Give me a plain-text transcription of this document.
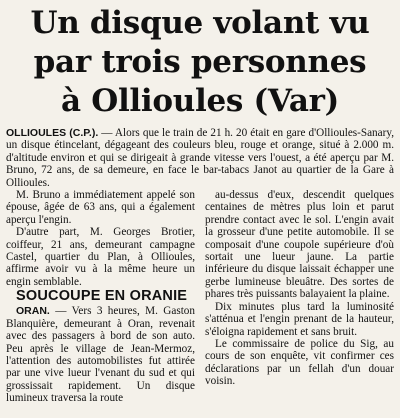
Un disque volant vu
par trois personnes
à Ollioules (Var)

OLLIOULES (C.P.). — Alors que le train de 21 h. 20 était en gare d'Ollioules-Sanary, un disque étincelant, dégageant des couleurs bleu, rouge et orange, situé à 2.000 m. d'altitude environ et qui se dirigeait à grande vitesse vers l'ouest, a été aperçu par M. Bruno, 72 ans, de sa demeure, en face le bar-tabacs Janot au quartier de la Gare à Ollioules.

M. Bruno a immédiatement appelé son épouse, âgée de 63 ans, qui a également aperçu l'engin.

D'autre part, M. Georges Brotier, coiffeur, 21 ans, demeurant campagne Castel, quartier du Plan, à Ollioules, affirme avoir vu à la même heure un engin semblable.

SOUCOUPE EN ORANIE

ORAN. — Vers 3 heures, M. Gaston Blanquière, demeurant à Oran, revenait avec des passagers à bord de son auto. Peu après le village de Jean-Mermoz, l'attention des automobilistes fut attirée par une vive lueur l'venant du sud et qui grossissait rapidement. Un disque lumineux traversa la route

au-dessus d'eux, descendit quelques centaines de mètres plus loin et parut prendre contact avec le sol. L'engin avait la grosseur d'une petite automobile. Il se composait d'une coupole supérieure d'où sortait une lueur jaune. La partie inférieure du disque laissait échapper une gerbe lumineuse bleuâtre. Des sortes de phares très puissants balayaient la plaine.

Dix minutes plus tard la luminosité s'atténua et l'engin prenant de la hauteur, s'éloigna rapidement et sans bruit.

Le commissaire de police du Sig, au cours de son enquête, vit confirmer ces déclarations par un fellah d'un douar voisin.
